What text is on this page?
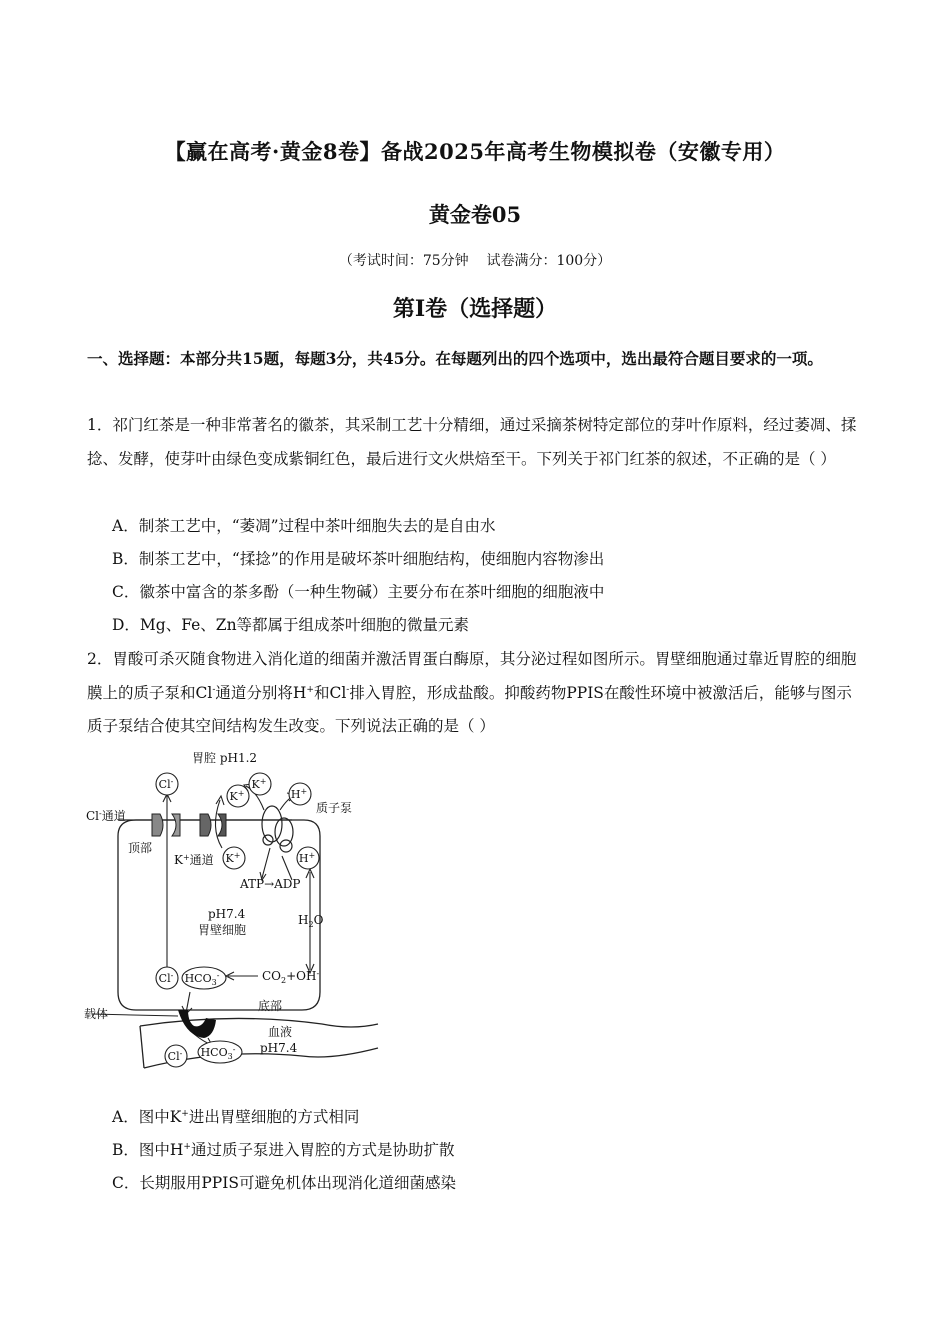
【赢在高考·黄金8卷】备战2025年高考生物模拟卷（安徽专用）
黄金卷05
（考试时间：75分钟    试卷满分：100分）
第I卷（选择题）
一、选择题：本部分共15题，每题3分，共45分。在每题列出的四个选项中，选出最符合题目要求的一项。
1．祁门红茶是一种非常著名的徽茶，其采制工艺十分精细，通过采摘茶树特定部位的芽叶作原料，经过萎凋、揉捻、发酵，使芽叶由绿色变成紫铜红色，最后进行文火烘焙至干。下列关于祁门红茶的叙述，不正确的是（ ）
A．制茶工艺中，“萎凋”过程中茶叶细胞失去的是自由水
B．制茶工艺中，“揉捻”的作用是破坏茶叶细胞结构，使细胞内容物渗出
C．徽茶中富含的茶多酚（一种生物碱）主要分布在茶叶细胞的细胞液中
D．Mg、Fe、Zn等都属于组成茶叶细胞的微量元素
2．胃酸可杀灭随食物进入消化道的细菌并激活胃蛋白酶原，其分泌过程如图所示。胃壁细胞通过靠近胃腔的细胞膜上的质子泵和Cl-通道分别将H+和Cl-排入胃腔，形成盐酸。抑酸药物PPIS在酸性环境中被激活后，能够与图示质子泵结合使其空间结构发生改变。下列说法正确的是（ ）
Cl-
K+
K+
H+
K+	H+
Cl- $HCO_3^-$
Cl- $HCO_3^-$
胃腔 pH1.2
Cl-通道
顶部
K+通道
质子泵
ATP→ADP
pH7.4
胃壁细胞
$H_2O$
$CO_2+OH^-$
底部
载体
血液
pH7.4
A．图中K+进出胃壁细胞的方式相同
B．图中H+通过质子泵进入胃腔的方式是协助扩散
C．长期服用PPIS可避免机体出现消化道细菌感染
